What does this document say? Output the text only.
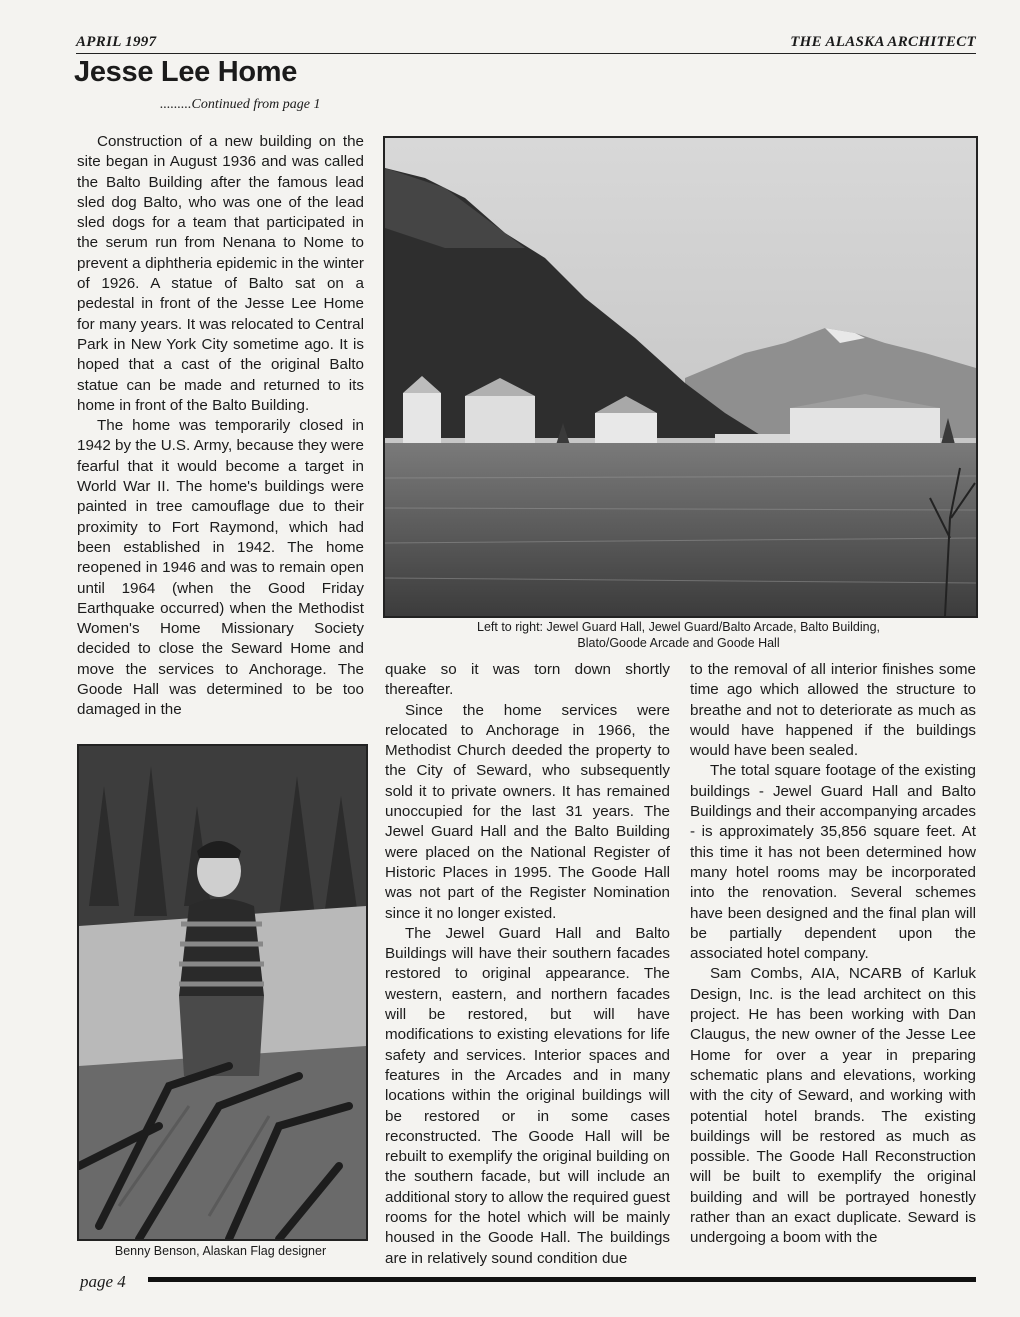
APRIL 1997	THE ALASKA ARCHITECT
Jesse Lee Home
.........Continued from page 1

Construction of a new building on the site began in August 1936 and was called the Balto Building after the famous lead sled dog Balto, who was one of the lead sled dogs for a team that participated in the serum run from Nenana to Nome to prevent a diphtheria epidemic in the winter of 1926. A statue of Balto sat on a pedestal in front of the Jesse Lee Home for many years. It was relocated to Central Park in New York City sometime ago. It is hoped that a cast of the original Balto statue can be made and returned to its home in front of the Balto Building.

The home was temporarily closed in 1942 by the U.S. Army, because they were fearful that it would become a target in World War II. The home's buildings were painted in tree camouflage due to their proximity to Fort Raymond, which had been established in 1942. The home reopened in 1946 and was to remain open until 1964 (when the Good Friday Earthquake occurred) when the Methodist Women's Home Missionary Society decided to close the Seward Home and move the services to Anchorage. The Goode Hall was determined to be too damaged in the

Left to right: Jewel Guard Hall, Jewel Guard/Balto Arcade, Balto Building,
Blato/Goode Arcade and Goode Hall
Benny Benson, Alaskan Flag designer

quake so it was torn down shortly thereafter.

Since the home services were relocated to Anchorage in 1966, the Methodist Church deeded the property to the City of Seward, who subsequently sold it to private owners. It has remained unoccupied for the last 31 years. The Jewel Guard Hall and the Balto Building were placed on the National Register of Historic Places in 1995. The Goode Hall was not part of the Register Nomination since it no longer existed.

The Jewel Guard Hall and Balto Buildings will have their southern facades restored to original appearance. The western, eastern, and northern facades will be restored, but will have modifications to existing elevations for life safety and services. Interior spaces and features in the Arcades and in many locations within the original buildings will be restored or in some cases reconstructed. The Goode Hall will be rebuilt to exemplify the original building on the southern facade, but will include an additional story to allow the required guest rooms for the hotel which will be mainly housed in the Goode Hall. The buildings are in relatively sound condition due

to the removal of all interior finishes some time ago which allowed the structure to breathe and not to deteriorate as much as would have happened if the buildings would have been sealed.

The total square footage of the existing buildings - Jewel Guard Hall and Balto Buildings and their accompanying arcades - is approximately 35,856 square feet. At this time it has not been determined how many hotel rooms may be incorporated into the renovation. Several schemes have been designed and the final plan will be partially dependent upon the associated hotel company.

Sam Combs, AIA, NCARB of Karluk Design, Inc. is the lead architect on this project. He has been working with Dan Claugus, the new owner of the Jesse Lee Home for over a year in preparing schematic plans and elevations, working with the city of Seward, and working with potential hotel brands. The existing buildings will be restored as much as possible. The Goode Hall Reconstruction will be built to exemplify the original building and will be portrayed honestly rather than an exact duplicate. Seward is undergoing a boom with the

page 4
